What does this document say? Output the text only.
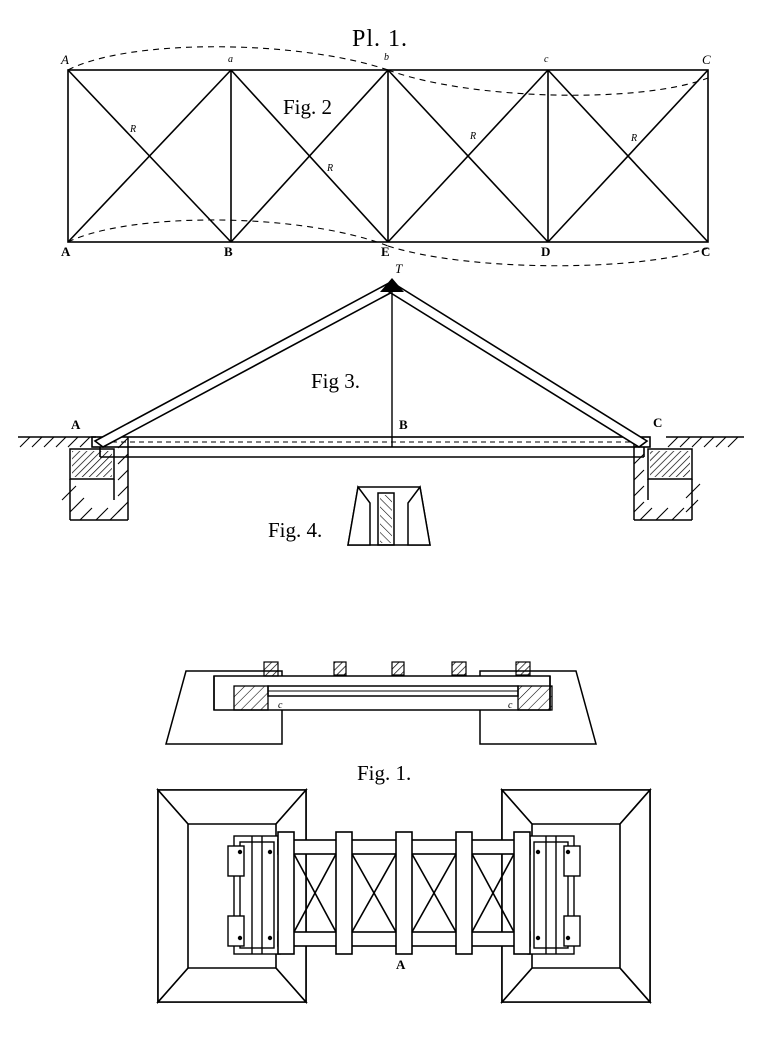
Pl. 1.
Fig. 2
A	a	b	c	C
A	B	E	D	C
R
R
R	R
Fig 3.
T
A	B	C
Fig. 4.
Fig. 1.
A
c	c
